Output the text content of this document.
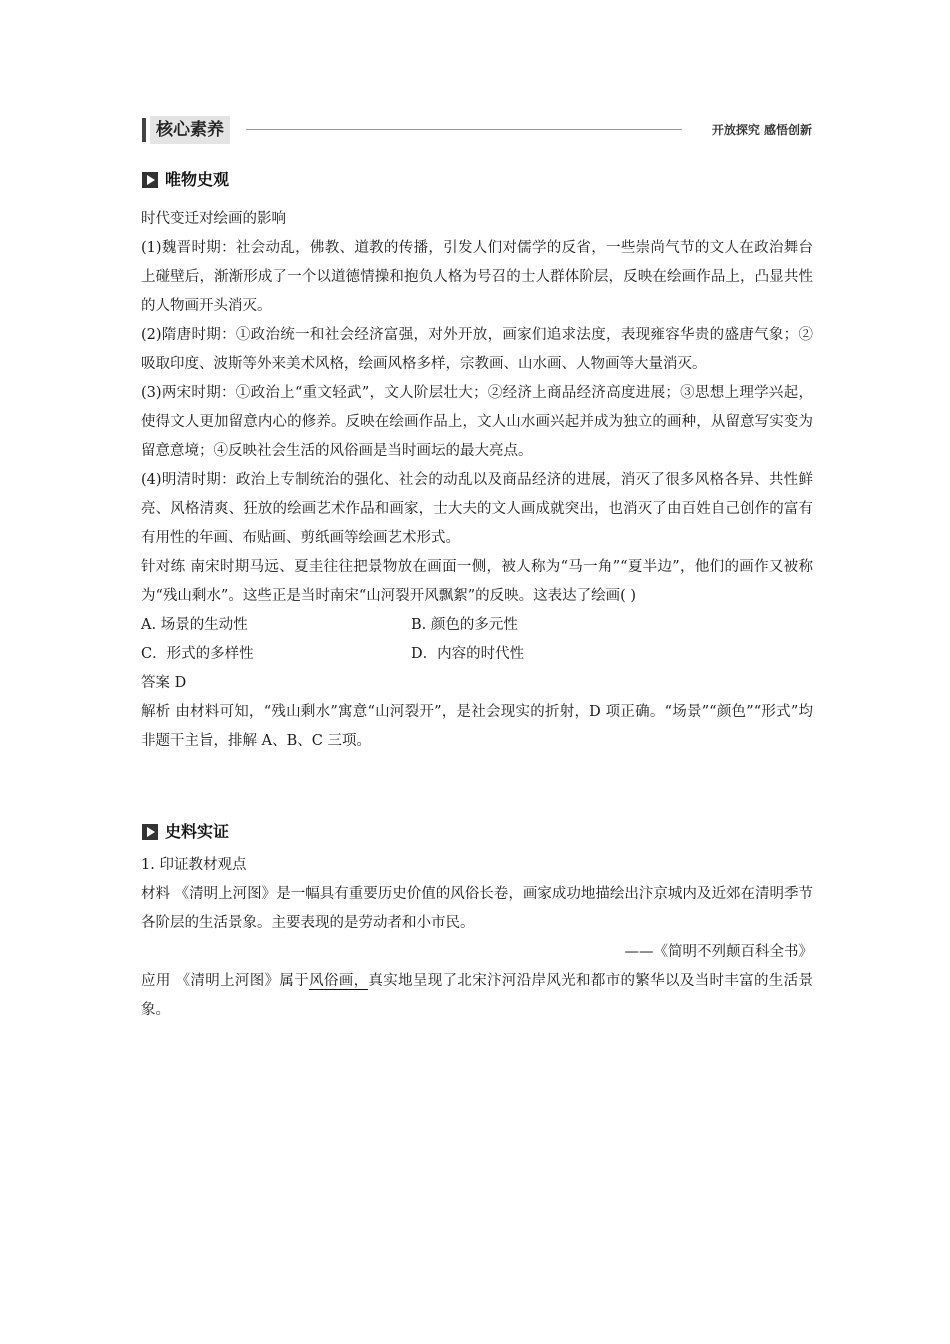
核心素养	开放探究 感悟创新
唯物史观

时代变迁对绘画的影响

(1)魏晋时期：社会动乱，佛教、道教的传播，引发人们对儒学的反省，一些崇尚气节的文人在政治舞台上碰壁后，渐渐形成了一个以道德情操和抱负人格为号召的士人群体阶层，反映在绘画作品上，凸显共性的人物画开头消灭。

(2)隋唐时期：①政治统一和社会经济富强，对外开放，画家们追求法度，表现雍容华贵的盛唐气象；②吸取印度、波斯等外来美术风格，绘画风格多样，宗教画、山水画、人物画等大量消灭。

(3)两宋时期：①政治上“重文轻武”，文人阶层壮大；②经济上商品经济高度进展；③思想上理学兴起，使得文人更加留意内心的修养。反映在绘画作品上，文人山水画兴起并成为独立的画种，从留意写实变为留意意境；④反映社会生活的风俗画是当时画坛的最大亮点。

(4)明清时期：政治上专制统治的强化、社会的动乱以及商品经济的进展，消灭了很多风格各异、共性鲜亮、风格清爽、狂放的绘画艺术作品和画家，士大夫的文人画成就突出，也消灭了由百姓自己创作的富有有用性的年画、布贴画、剪纸画等绘画艺术形式。

针对练 南宋时期马远、夏圭往往把景物放在画面一侧，被人称为“马一角”“夏半边”，他们的画作又被称为“残山剩水”。这些正是当时南宋“山河裂开风飘絮”的反映。这表达了绘画( )

A. 场景的生动性	B. 颜色的多元性
C．形式的多样性	D．内容的时代性

答案 D

解析 由材料可知，“残山剩水”寓意“山河裂开”，是社会现实的折射，D 项正确。“场景”“颜色”“形式”均非题干主旨，排解 A、B、C 三项。

史料实证

1. 印证教材观点

材料 《清明上河图》是一幅具有重要历史价值的风俗长卷，画家成功地描绘出汴京城内及近郊在清明季节各阶层的生活景象。主要表现的是劳动者和小市民。

——《简明不列颠百科全书》

应用 《清明上河图》属于风俗画，真实地呈现了北宋汴河沿岸风光和都市的繁华以及当时丰富的生活景象。
